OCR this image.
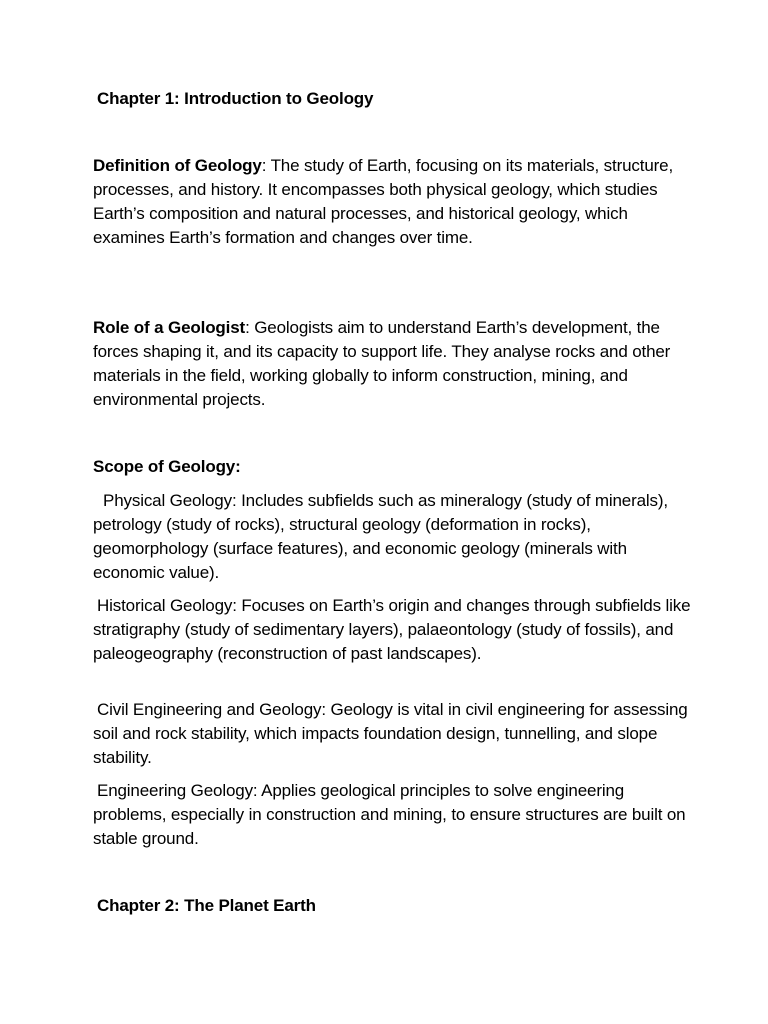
Chapter 1: Introduction to Geology

Definition of Geology: The study of Earth, focusing on its materials, structure, processes, and history. It encompasses both physical geology, which studies Earth’s composition and natural processes, and historical geology, which examines Earth’s formation and changes over time.

Role of a Geologist: Geologists aim to understand Earth’s development, the forces shaping it, and its capacity to support life. They analyse rocks and other materials in the field, working globally to inform construction, mining, and environmental projects.

Scope of Geology:

Physical Geology: Includes subfields such as mineralogy (study of minerals), petrology (study of rocks), structural geology (deformation in rocks), geomorphology (surface features), and economic geology (minerals with economic value).

Historical Geology: Focuses on Earth’s origin and changes through subfields like stratigraphy (study of sedimentary layers), palaeontology (study of fossils), and paleogeography (reconstruction of past landscapes).

Civil Engineering and Geology: Geology is vital in civil engineering for assessing soil and rock stability, which impacts foundation design, tunnelling, and slope stability.

Engineering Geology: Applies geological principles to solve engineering problems, especially in construction and mining, to ensure structures are built on stable ground.

Chapter 2: The Planet Earth
